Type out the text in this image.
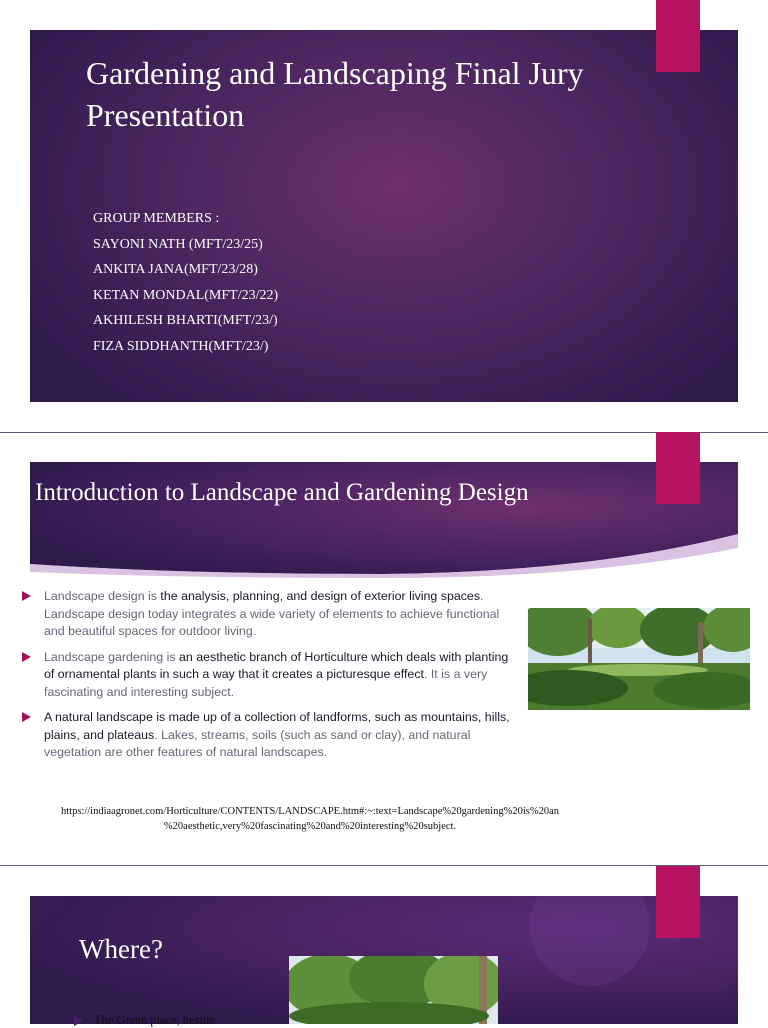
Gardening and Landscaping Final Jury Presentation
GROUP MEMBERS :
SAYONI NATH (MFT/23/25)
ANKITA JANA(MFT/23/28)
KETAN MONDAL(MFT/23/22)
AKHILESH BHARTI(MFT/23/)
FIZA SIDDHANTH(MFT/23/)
Introduction to Landscape and Gardening Design
Landscape design is the analysis, planning, and design of exterior living spaces. Landscape design today integrates a wide variety of elements to achieve functional and beautiful spaces for outdoor living.
Landscape gardening is an aesthetic branch of Horticulture which deals with planting of ornamental plants in such a way that it creates a picturesque effect. It is a very fascinating and interesting subject.
A natural landscape is made up of a collection of landforms, such as mountains, hills, plains, and plateaus. Lakes, streams, soils (such as sand or clay), and natural vegetation are other features of natural landscapes.
https://indiaagronet.com/Horticulture/CONTENTS/LANDSCAPE.htm#:~:text=Landscape%20gardening%20is%20an
%20aesthetic,very%20fascinating%20and%20interesting%20subject.
Where?
The Green place, beside
